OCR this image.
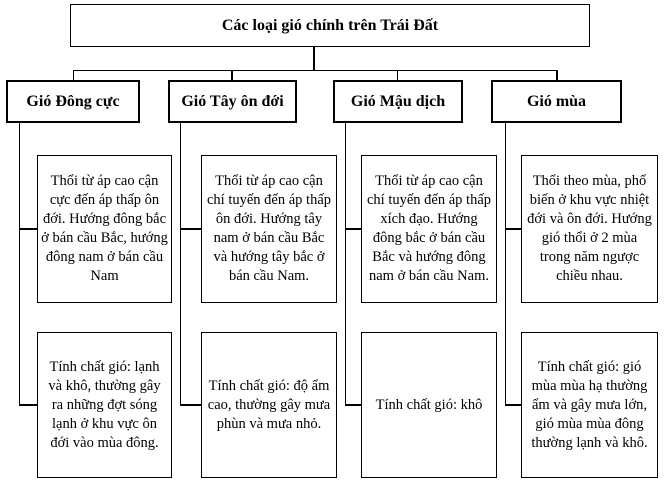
Các loại gió chính trên Trái Đất
Gió Đông cực	Gió Tây ôn đới	Gió Mậu dịch	Gió mùa
Thổi từ áp cao cận cực đến áp thấp ôn đới. Hướng đông bắc ở bán cầu Bắc, hướng đông nam ở bán cầu Nam
Thổi từ áp cao cận chí tuyến đến áp thấp ôn đới. Hướng tây nam ở bán cầu Bắc và hướng tây bắc ở bán cầu Nam.
Thổi từ áp cao cận chí tuyến đến áp thấp xích đạo. Hướng đông bắc ở bán cầu Bắc và hướng đông nam ở bán cầu Nam.
Thổi theo mùa, phổ biến ở khu vực nhiệt đới và ôn đới. Hướng gió thổi ở 2 mùa trong năm ngược chiều nhau.
Tính chất gió: lạnh và khô, thường gây ra những đợt sóng lạnh ở khu vực ôn đới vào mùa đông.
Tính chất gió: độ ẩm cao, thường gây mưa phùn và mưa nhỏ.
Tính chất gió: khô
Tính chất gió: gió mùa mùa hạ thường ẩm và gây mưa lớn, gió mùa mùa đông thường lạnh và khô.
